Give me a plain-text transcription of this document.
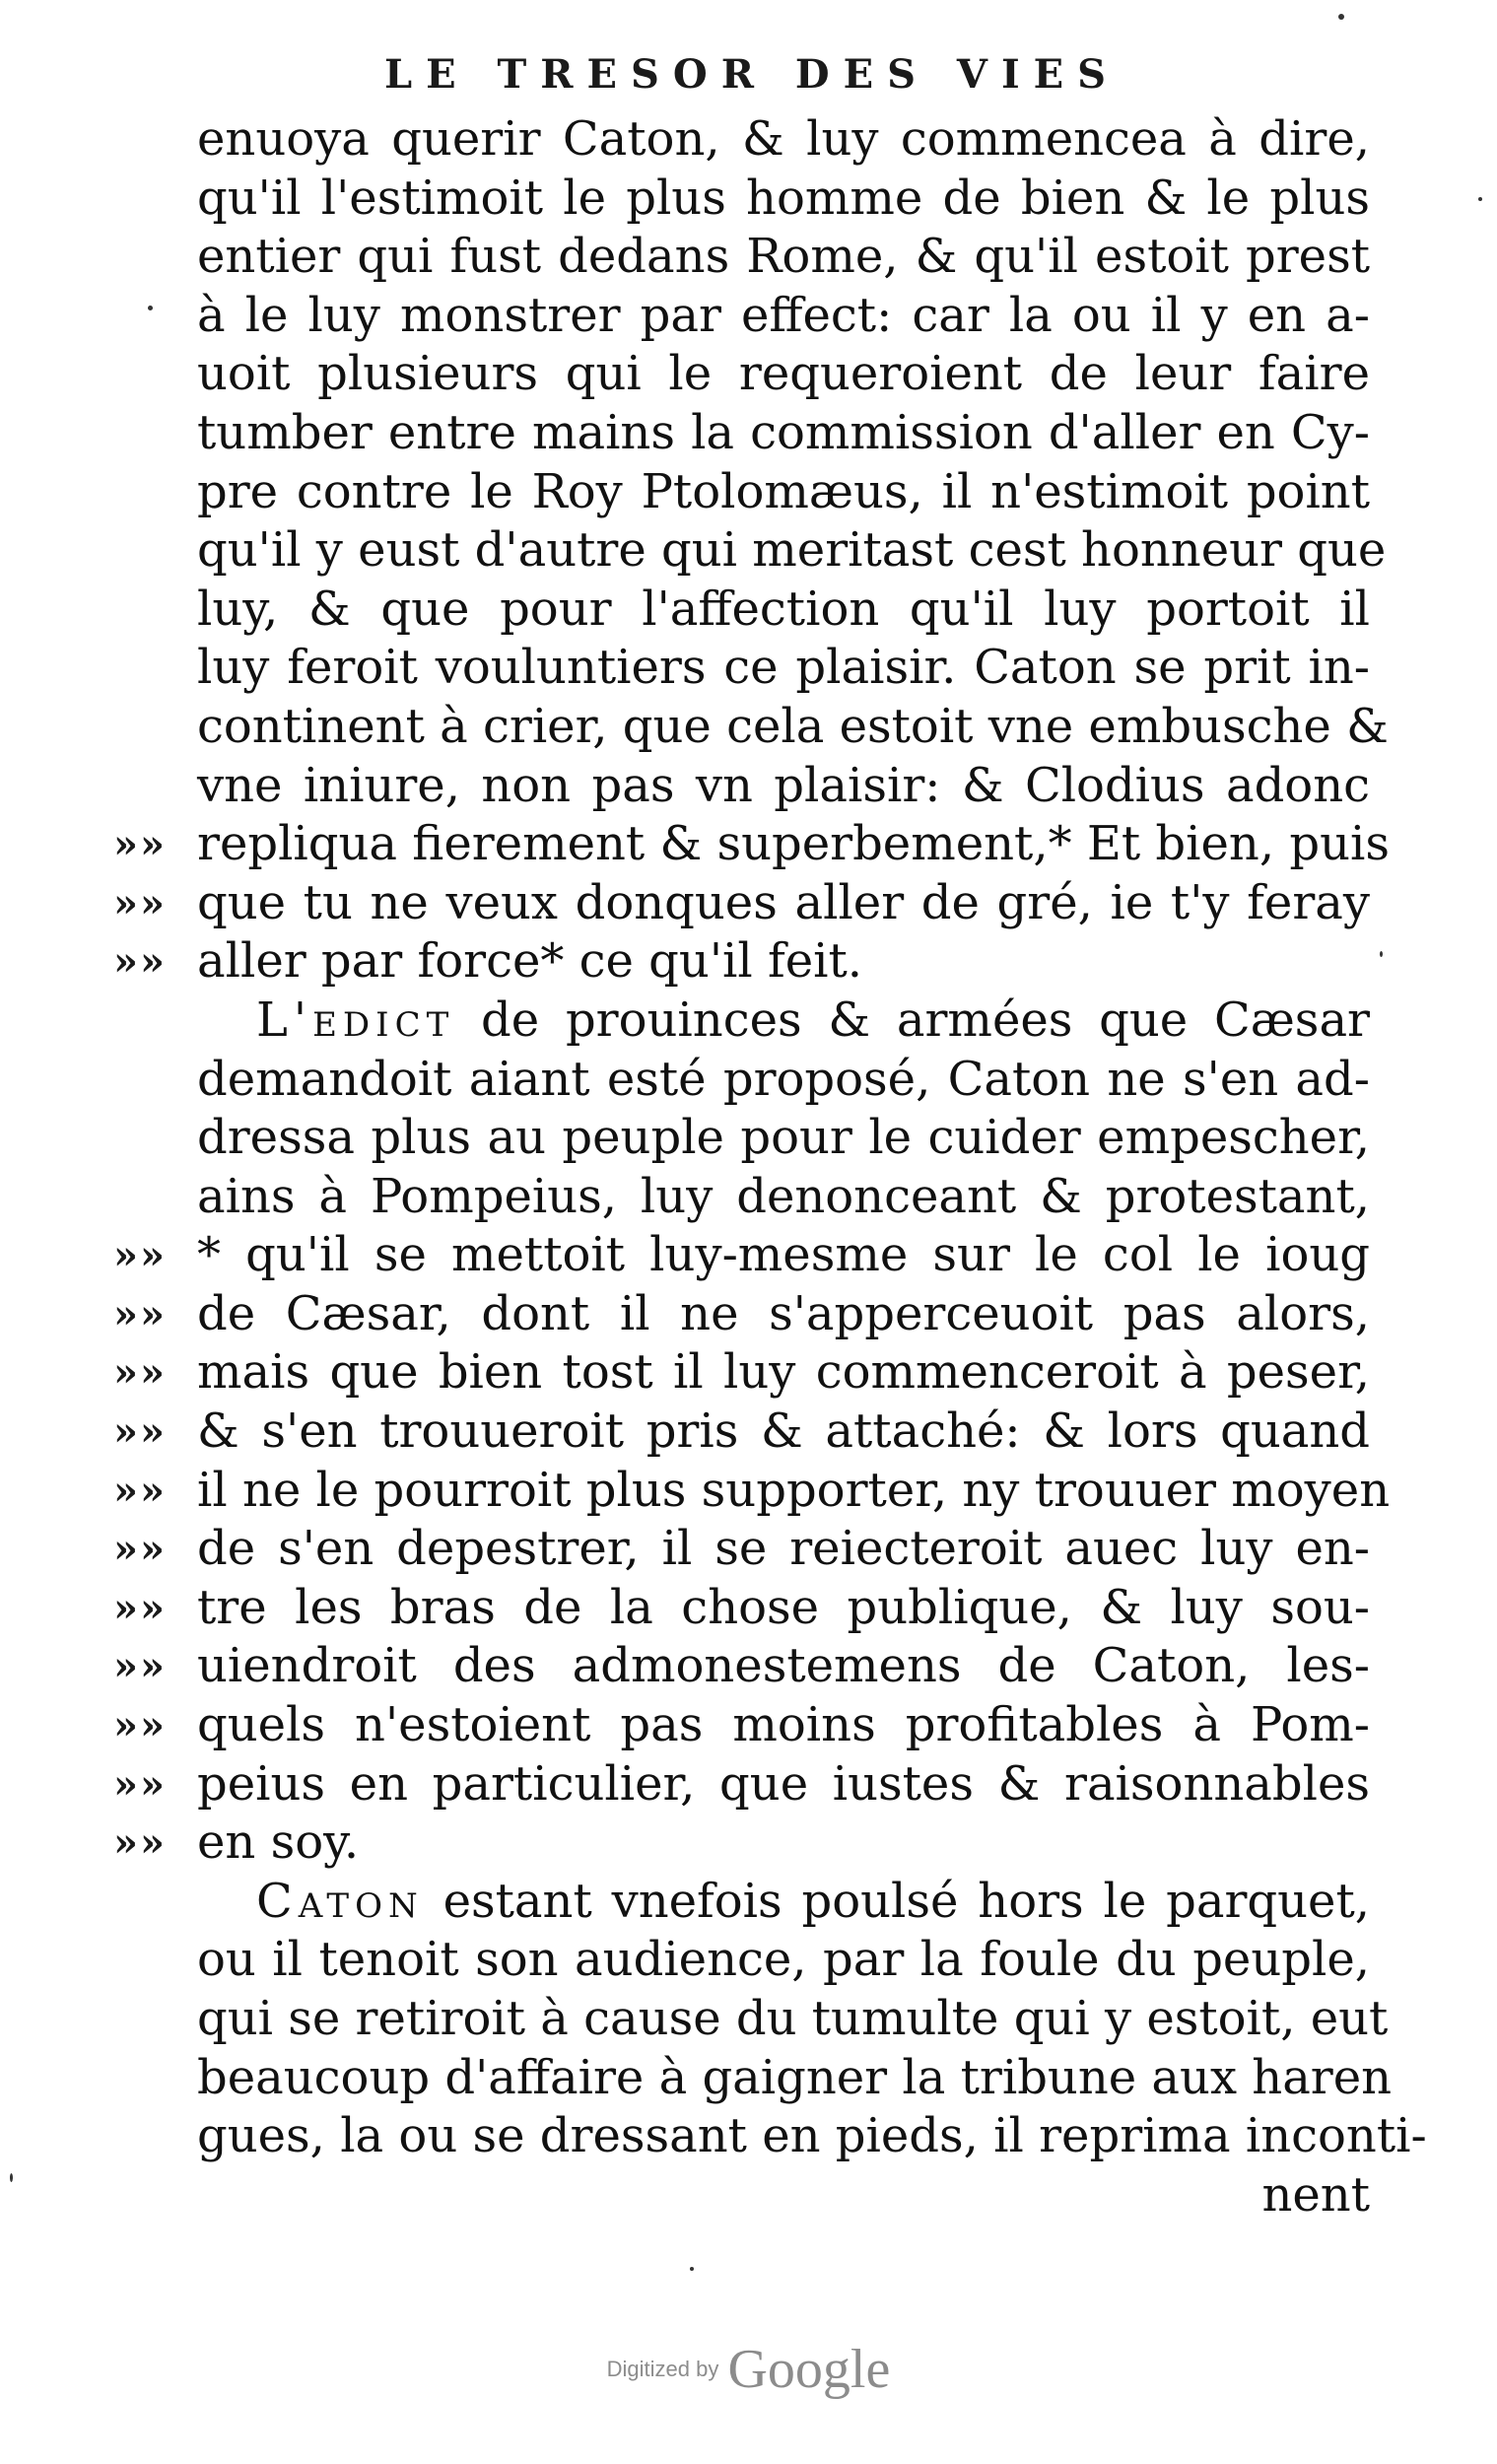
LE TRESOR DES VIES
enuoya querir Caton, & luy commencea à dire,
qu'il l'estimoit le plus homme de bien & le plus
entier qui fust dedans Rome, & qu'il estoit prest
à le luy monstrer par effect: car la ou il y en a-
uoit plusieurs qui le requeroient de leur faire
tumber entre mains la commission d'aller en Cy-
pre contre le Roy Ptolomæus, il n'estimoit point
qu'il y eust d'autre qui meritast cest honneur que
luy, & que pour l'affection qu'il luy portoit il
luy feroit vouluntiers ce plaisir. Caton se prit in-
continent à crier, que cela estoit vne embusche &
vne iniure, non pas vn plaisir: & Clodius adonc
»» repliqua fierement & superbement,* Et bien, puis
»» que tu ne veux donques aller de gré, ie t'y feray
»» aller par force* ce qu'il feit.
L'edict de prouinces & armées que Cæsar
demandoit aiant esté proposé, Caton ne s'en ad-
dressa plus au peuple pour le cuider empescher,
ains à Pompeius, luy denonceant & protestant,
»» * qu'il se mettoit luy-mesme sur le col le ioug
»» de Cæsar, dont il ne s'apperceuoit pas alors,
»» mais que bien tost il luy commenceroit à peser,
»» & s'en trouueroit pris & attaché: & lors quand
»» il ne le pourroit plus supporter, ny trouuer moyen
»» de s'en depestrer, il se reiecteroit auec luy en-
»» tre les bras de la chose publique, & luy sou-
»» uiendroit des admonestemens de Caton, les-
»» quels n'estoient pas moins profitables à Pom-
»» peius en particulier, que iustes & raisonnables
»» en soy.
Caton estant vnefois poulsé hors le parquet,
ou il tenoit son audience, par la foule du peuple,
qui se retiroit à cause du tumulte qui y estoit, eut
beaucoup d'affaire à gaigner la tribune aux haren
gues, la ou se dressant en pieds, il reprima inconti-
nent
Digitized by Google
